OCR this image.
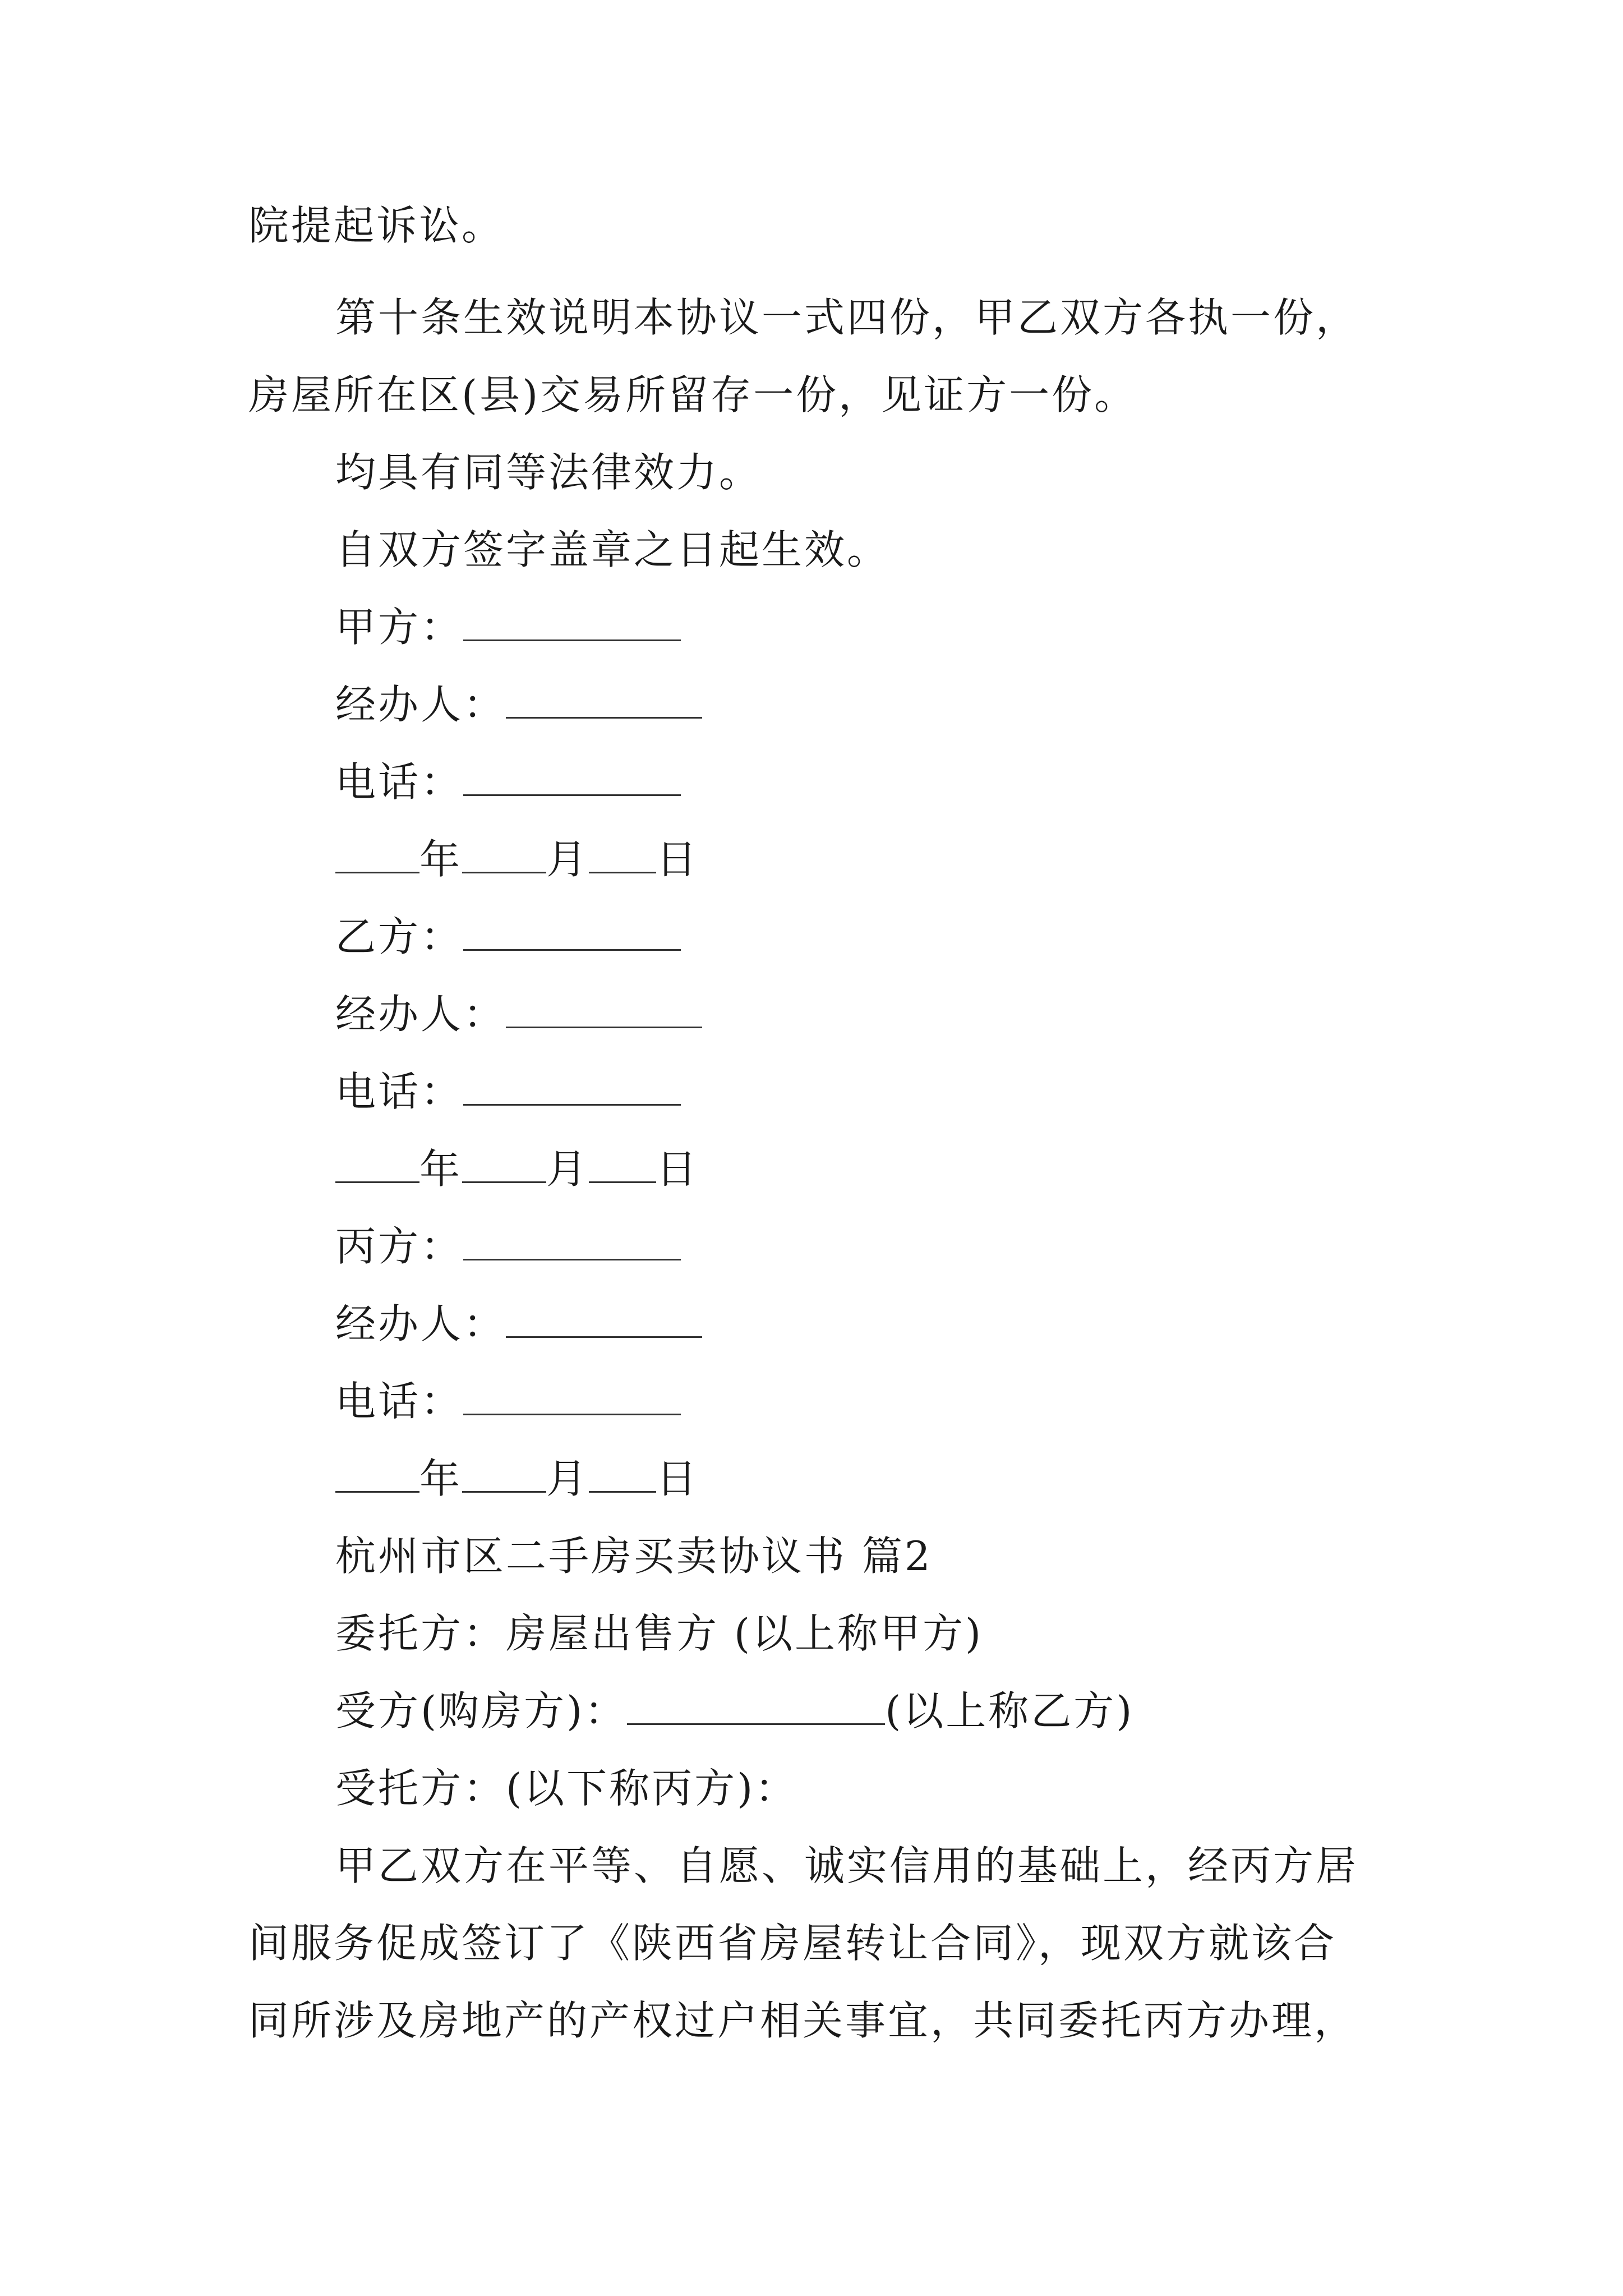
院提起诉讼。
第十条生效说明本协议一式四份，甲乙双方各执一份，
房屋所在区(县)交易所留存一份，见证方一份。
均具有同等法律效力。
自双方签字盖章之日起生效。
甲方：
经办人：
电话：
年 月 日
乙方：
经办人：
电话：
年 月 日
丙方：
经办人：
电话：
年 月 日
杭州市区二手房买卖协议书 篇2
委托方：房屋出售方 (以上称甲方)
受方(购房方)：	(以上称乙方)
受托方：(以下称丙方)：
甲乙双方在平等、自愿、诚实信用的基础上，经丙方居
间服务促成签订了《陕西省房屋转让合同》，现双方就该合
同所涉及房地产的产权过户相关事宜，共同委托丙方办理，
